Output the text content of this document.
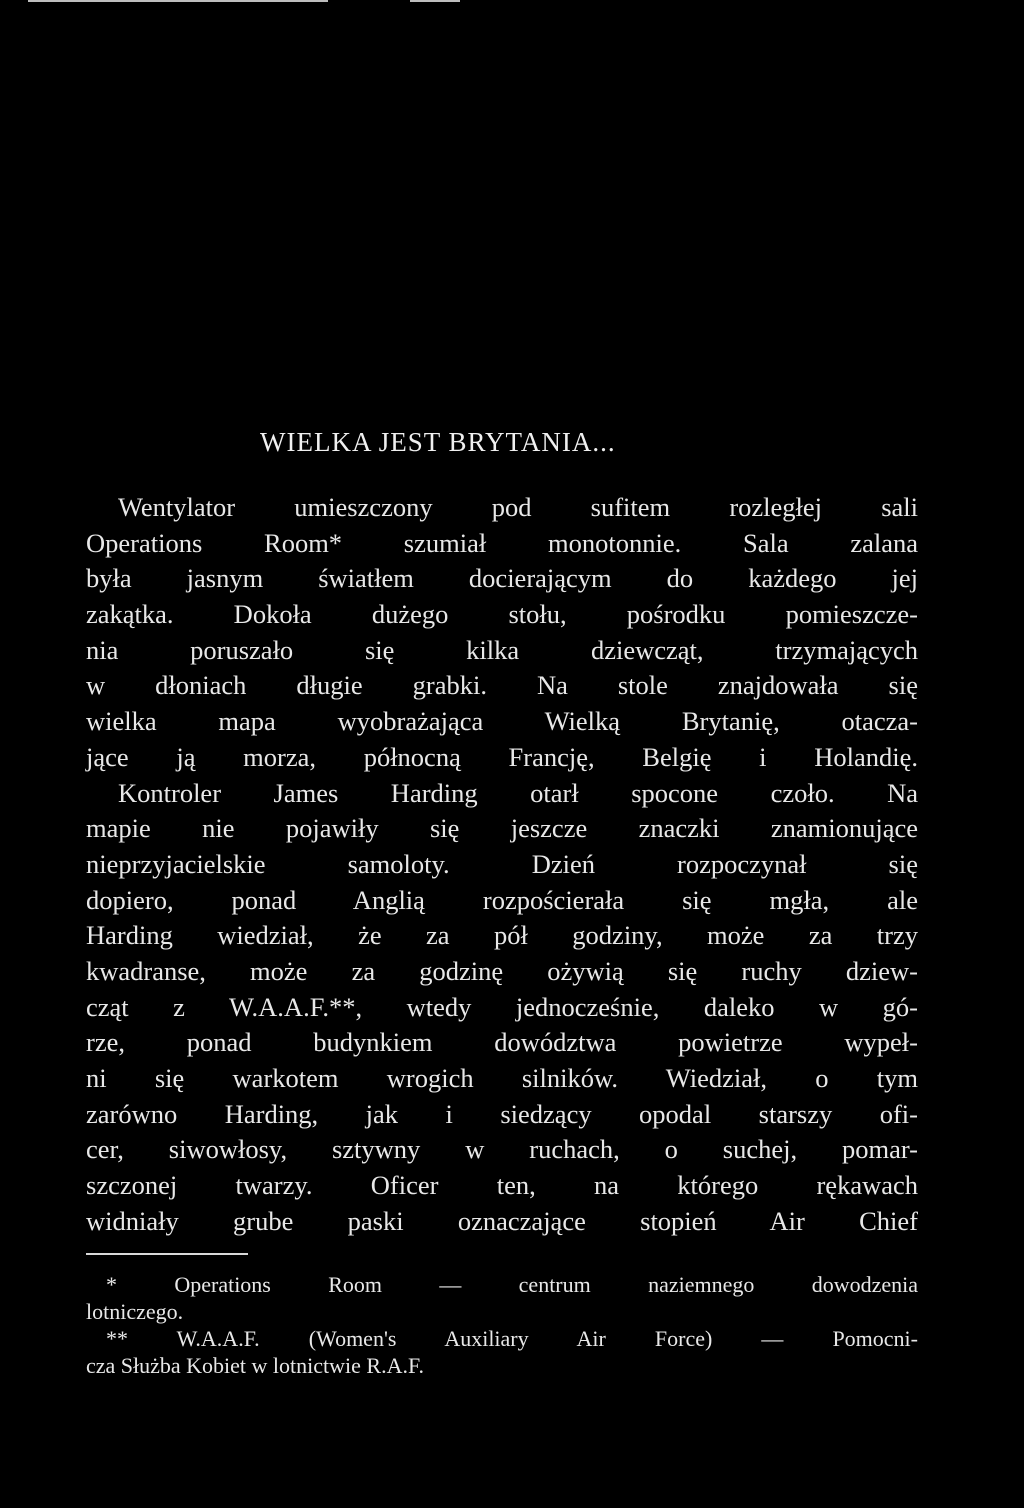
WIELKA JEST BRYTANIA...
Wentylator umieszczony pod sufitem rozległej sali
Operations Room* szumiał monotonnie. Sala zalana
była jasnym światłem docierającym do każdego jej
zakątka. Dokoła dużego stołu, pośrodku pomieszcze-
nia poruszało się kilka dziewcząt, trzymających
w dłoniach długie grabki. Na stole znajdowała się
wielka mapa wyobrażająca Wielką Brytanię, otacza-
jące ją morza, północną Francję, Belgię i Holandię.
Kontroler James Harding otarł spocone czoło. Na
mapie nie pojawiły się jeszcze znaczki znamionujące
nieprzyjacielskie samoloty. Dzień rozpoczynał się
dopiero, ponad Anglią rozpościerała się mgła, ale
Harding wiedział, że za pół godziny, może za trzy
kwadranse, może za godzinę ożywią się ruchy dziew-
cząt z W.A.A.F.**, wtedy jednocześnie, daleko w gó-
rze, ponad budynkiem dowództwa powietrze wypeł-
ni się warkotem wrogich silników. Wiedział, o tym
zarówno Harding, jak i siedzący opodal starszy ofi-
cer, siwowłosy, sztywny w ruchach, o suchej, pomar-
szczonej twarzy. Oficer ten, na którego rękawach
widniały grube paski oznaczające stopień Air Chief
* Operations Room — centrum naziemnego dowodzenia
lotniczego.
** W.A.A.F. (Women's Auxiliary Air Force) — Pomocni-
cza Służba Kobiet w lotnictwie R.A.F.
